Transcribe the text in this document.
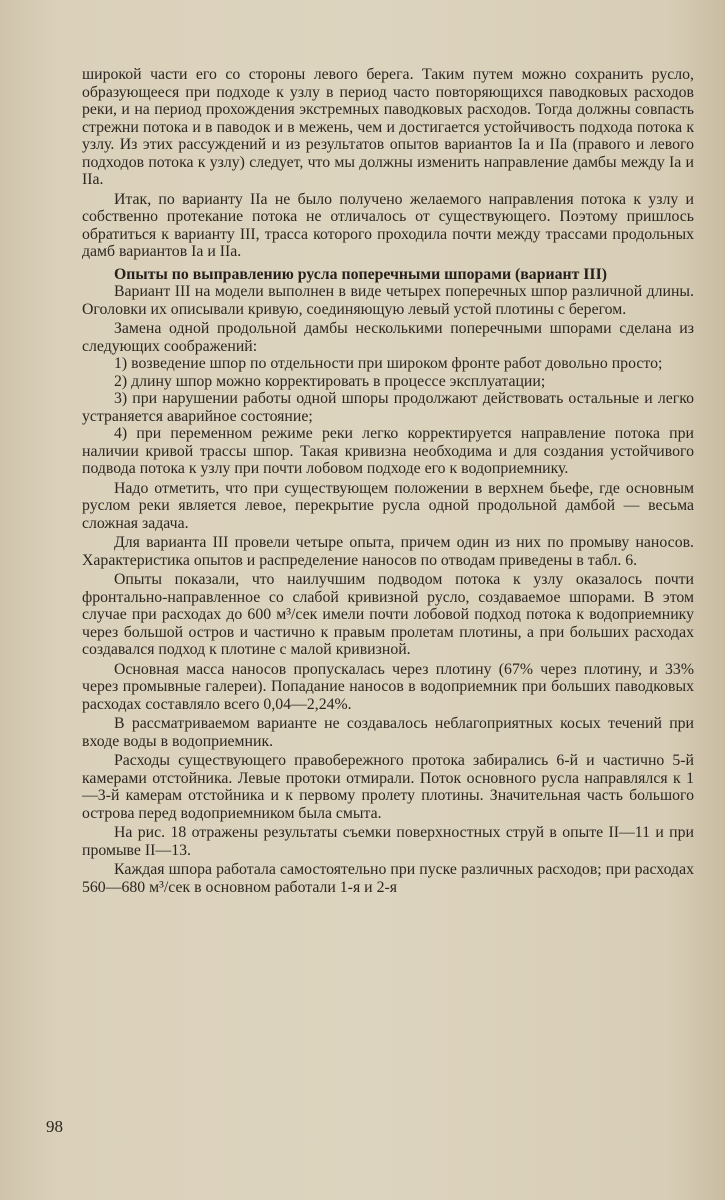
широкой части его со стороны левого берега. Таким путем можно сохранить русло, образующееся при подходе к узлу в период часто повторяющихся паводковых расходов реки, и на период прохождения экстремных паводковых расходов. Тогда должны совпасть стрежни потока и в паводок и в межень, чем и достигается устойчивость подхода потока к узлу. Из этих рассуждений и из результатов опытов вариантов Iа и IIа (правого и левого подходов потока к узлу) следует, что мы должны изменить направление дамбы между Iа и IIа.

Итак, по варианту IIа не было получено желаемого направления потока к узлу и собственно протекание потока не отличалось от существующего. Поэтому пришлось обратиться к варианту III, трасса которого проходила почти между трассами продольных дамб вариантов Iа и IIа.

Опыты по выправлению русла поперечными шпорами (вариант III)

Вариант III на модели выполнен в виде четырех поперечных шпор различной длины. Оголовки их описывали кривую, соединяющую левый устой плотины с берегом.

Замена одной продольной дамбы несколькими поперечными шпорами сделана из следующих соображений:

1) возведение шпор по отдельности при широком фронте работ довольно просто;

2) длину шпор можно корректировать в процессе эксплуатации;

3) при нарушении работы одной шпоры продолжают действовать остальные и легко устраняется аварийное состояние;

4) при переменном режиме реки легко корректируется направление потока при наличии кривой трассы шпор. Такая кривизна необходима и для создания устойчивого подвода потока к узлу при почти лобовом подходе его к водоприемнику.

Надо отметить, что при существующем положении в верхнем бьефе, где основным руслом реки является левое, перекрытие русла одной продольной дамбой — весьма сложная задача.

Для варианта III провели четыре опыта, причем один из них по промыву наносов. Характеристика опытов и распределение наносов по отводам приведены в табл. 6.

Опыты показали, что наилучшим подводом потока к узлу оказалось почти фронтально-направленное со слабой кривизной русло, создаваемое шпорами. В этом случае при расходах до 600 м³/сек имели почти лобовой подход потока к водоприемнику через большой остров и частично к правым пролетам плотины, а при больших расходах создавался подход к плотине с малой кривизной.

Основная масса наносов пропускалась через плотину (67% через плотину, и 33% через промывные галереи). Попадание наносов в водоприемник при больших паводковых расходах составляло всего 0,04—2,24%.

В рассматриваемом варианте не создавалось неблагоприятных косых течений при входе воды в водоприемник.

Расходы существующего правобережного протока забирались 6-й и частично 5-й камерами отстойника. Левые протоки отмирали. Поток основного русла направлялся к 1—3-й камерам отстойника и к первому пролету плотины. Значительная часть большого острова перед водоприемником была смыта.

На рис. 18 отражены результаты съемки поверхностных струй в опыте II—11 и при промыве II—13.

Каждая шпора работала самостоятельно при пуске различных расходов; при расходах 560—680 м³/сек в основном работали 1-я и 2-я

98
